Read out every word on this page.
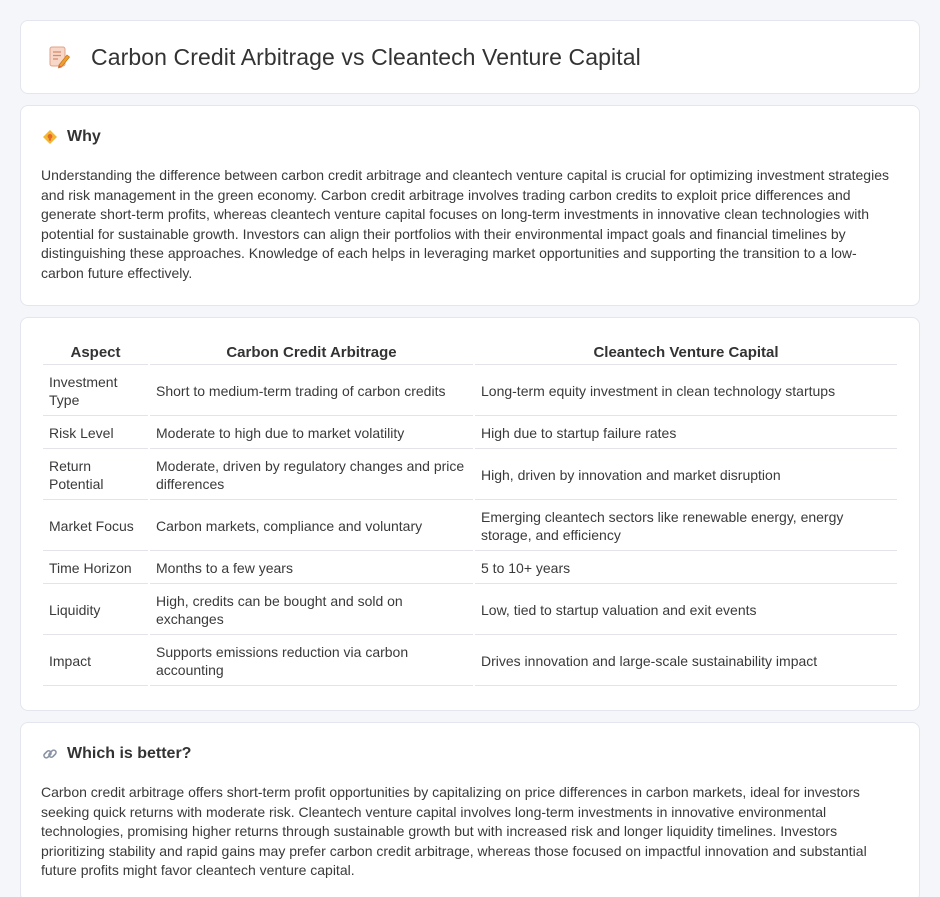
Carbon Credit Arbitrage vs Cleantech Venture Capital
Why

Understanding the difference between carbon credit arbitrage and cleantech venture capital is crucial for optimizing investment strategies and risk management in the green economy. Carbon credit arbitrage involves trading carbon credits to exploit price differences and generate short-term profits, whereas cleantech venture capital focuses on long-term investments in innovative clean technologies with potential for sustainable growth. Investors can align their portfolios with their environmental impact goals and financial timelines by distinguishing these approaches. Knowledge of each helps in leveraging market opportunities and supporting the transition to a low-carbon future effectively.

Aspect	Carbon Credit Arbitrage	Cleantech Venture Capital
Investment Type	Short to medium-term trading of carbon credits	Long-term equity investment in clean technology startups
Risk Level	Moderate to high due to market volatility	High due to startup failure rates
Return Potential	Moderate, driven by regulatory changes and price differences	High, driven by innovation and market disruption
Market Focus	Carbon markets, compliance and voluntary	Emerging cleantech sectors like renewable energy, energy storage, and efficiency
Time Horizon	Months to a few years	5 to 10+ years
Liquidity	High, credits can be bought and sold on exchanges	Low, tied to startup valuation and exit events
Impact	Supports emissions reduction via carbon accounting	Drives innovation and large-scale sustainability impact
Which is better?

Carbon credit arbitrage offers short-term profit opportunities by capitalizing on price differences in carbon markets, ideal for investors seeking quick returns with moderate risk. Cleantech venture capital involves long-term investments in innovative environmental technologies, promising higher returns through sustainable growth but with increased risk and longer liquidity timelines. Investors prioritizing stability and rapid gains may prefer carbon credit arbitrage, whereas those focused on impactful innovation and substantial future profits might favor cleantech venture capital.
